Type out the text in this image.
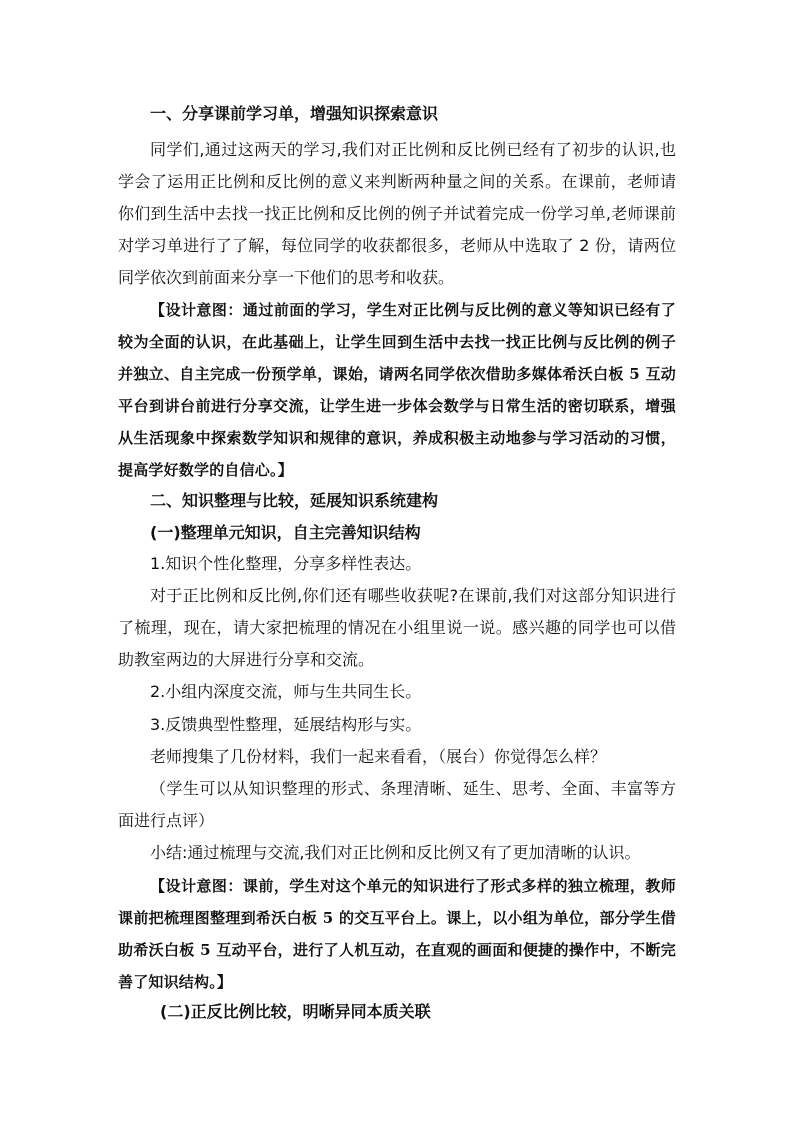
一、分享课前学习单，增强知识探索意识

同学们,通过这两天的学习,我们对正比例和反比例已经有了初步的认识,也学会了运用正比例和反比例的意义来判断两种量之间的关系。在课前，老师请你们到生活中去找一找正比例和反比例的例子并试着完成一份学习单,老师课前对学习单进行了了解，每位同学的收获都很多，老师从中选取了 2 份，请两位同学依次到前面来分享一下他们的思考和收获。

【设计意图：通过前面的学习，学生对正比例与反比例的意义等知识已经有了较为全面的认识，在此基础上，让学生回到生活中去找一找正比例与反比例的例子并独立、自主完成一份预学单，课始，请两名同学依次借助多媒体希沃白板 5 互动平台到讲台前进行分享交流，让学生进一步体会数学与日常生活的密切联系，增强从生活现象中探索数学知识和规律的意识，养成积极主动地参与学习活动的习惯，提高学好数学的自信心。】

二、知识整理与比较，延展知识系统建构

(一)整理单元知识，自主完善知识结构

1.知识个性化整理，分享多样性表达。

对于正比例和反比例,你们还有哪些收获呢?在课前,我们对这部分知识进行了梳理，现在，请大家把梳理的情况在小组里说一说。感兴趣的同学也可以借助教室两边的大屏进行分享和交流。

2.小组内深度交流，师与生共同生长。

3.反馈典型性整理，延展结构形与实。

老师搜集了几份材料，我们一起来看看，（展台）你觉得怎么样？

（学生可以从知识整理的形式、条理清晰、延生、思考、全面、丰富等方面进行点评）

小结:通过梳理与交流,我们对正比例和反比例又有了更加清晰的认识。

【设计意图：课前，学生对这个单元的知识进行了形式多样的独立梳理，教师课前把梳理图整理到希沃白板 5 的交互平台上。课上，以小组为单位，部分学生借助希沃白板 5 互动平台，进行了人机互动，在直观的画面和便捷的操作中，不断完善了知识结构。】

(二)正反比例比较，明晰异同本质关联
